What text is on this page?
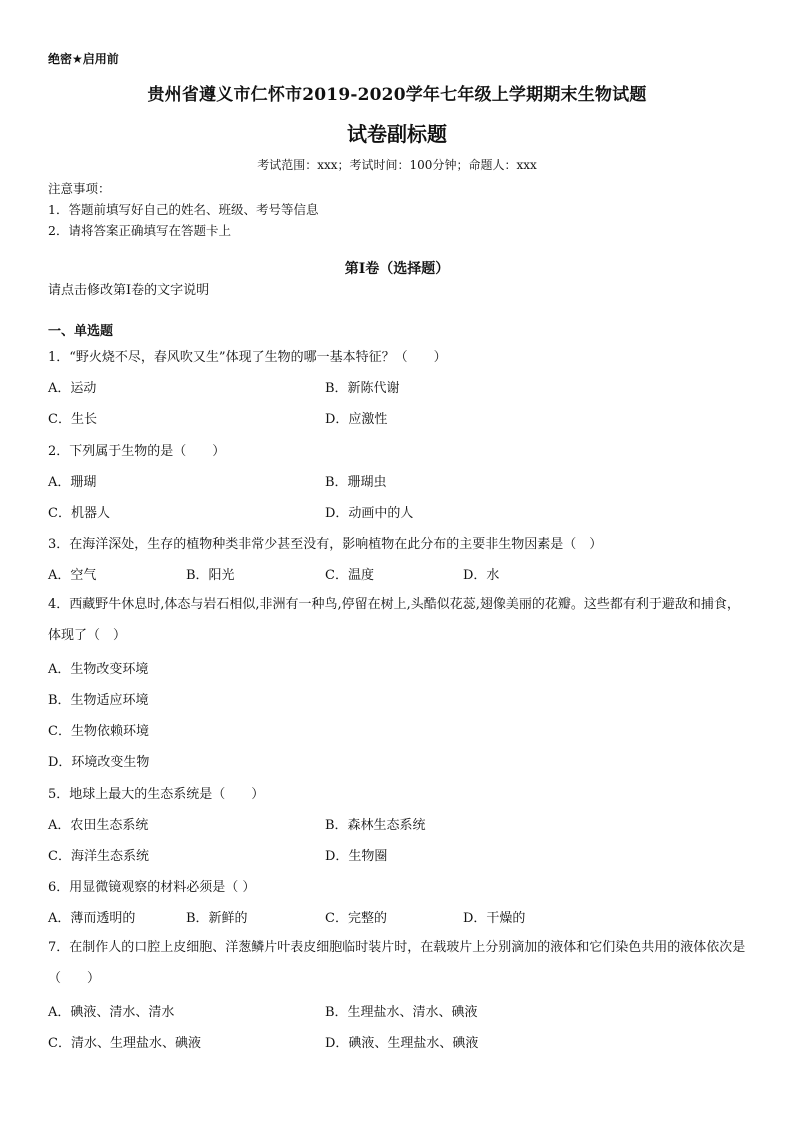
绝密★启用前
贵州省遵义市仁怀市2019-2020学年七年级上学期期末生物试题
试卷副标题
考试范围：xxx；考试时间：100分钟；命题人：xxx
注意事项：
1．答题前填写好自己的姓名、班级、考号等信息
2．请将答案正确填写在答题卡上
第I卷（选择题）
请点击修改第I卷的文字说明
一、单选题
1．“野火烧不尽，春风吹又生”体现了生物的哪一基本特征？（　　）
A．运动	B．新陈代谢
C．生长	D．应激性
2．下列属于生物的是（　　）
A．珊瑚	B．珊瑚虫
C．机器人	D．动画中的人
3．在海洋深处，生存的植物种类非常少甚至没有，影响植物在此分布的主要非生物因素是（　）
A．空气	B．阳光	C．温度	D．水
4．西藏野牛休息时,体态与岩石相似,非洲有一种鸟,停留在树上,头酷似花蕊,翅像美丽的花瓣。这些都有利于避敌和捕食，体现了（　）
A．生物改变环境
B．生物适应环境
C．生物依赖环境
D．环境改变生物
5．地球上最大的生态系统是（　　）
A．农田生态系统	B．森林生态系统
C．海洋生态系统	D．生物圈
6．用显微镜观察的材料必须是（ ）
A．薄而透明的	B．新鲜的	C．完整的	D．干燥的
7．在制作人的口腔上皮细胞、洋葱鳞片叶表皮细胞临时装片时，在载玻片上分别滴加的液体和它们染色共用的液体依次是（　　）
A．碘液、清水、清水	B．生理盐水、清水、碘液
C．清水、生理盐水、碘液	D．碘液、生理盐水、碘液
